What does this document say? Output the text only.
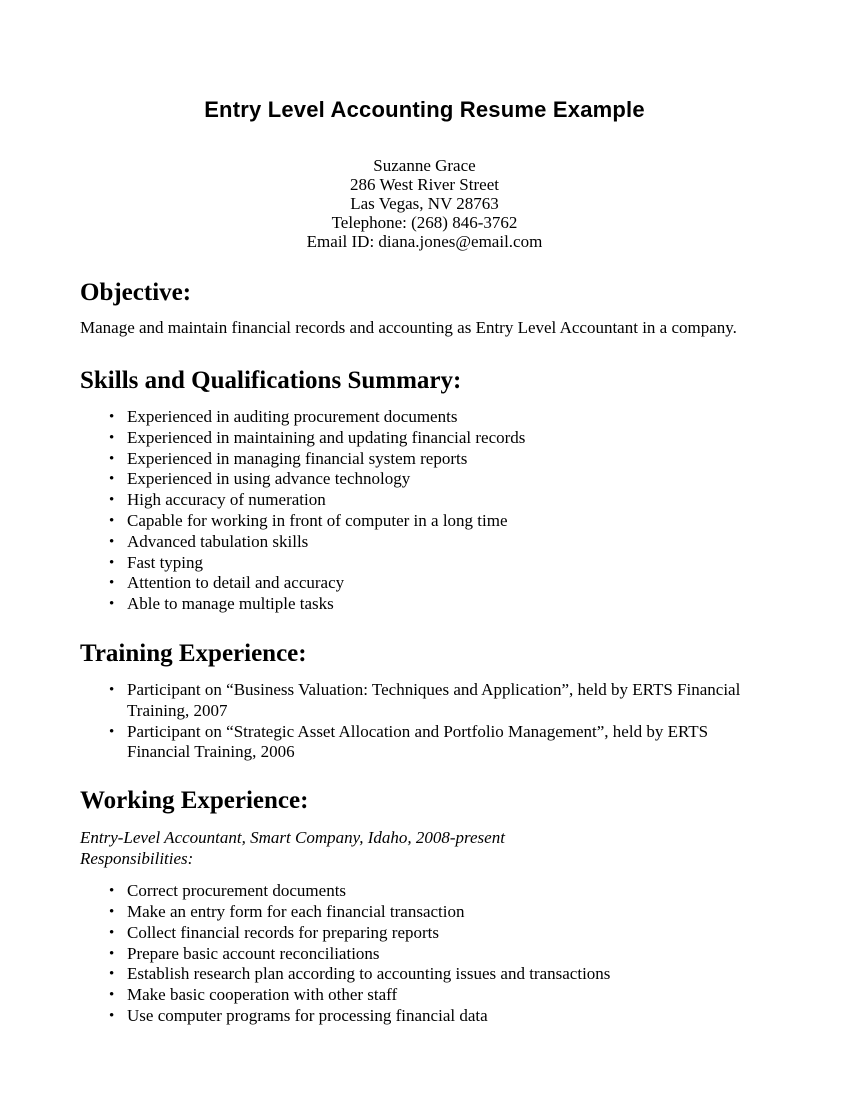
Entry Level Accounting Resume Example
Suzanne Grace
286 West River Street
Las Vegas, NV 28763
Telephone: (268) 846-3762
Email ID: diana.jones@email.com
Objective:

Manage and maintain financial records and accounting as Entry Level Accountant in a company.

Skills and Qualifications Summary:
• Experienced in auditing procurement documents
• Experienced in maintaining and updating financial records
• Experienced in managing financial system reports
• Experienced in using advance technology
• High accuracy of numeration
• Capable for working in front of computer in a long time
• Advanced tabulation skills
• Fast typing
• Attention to detail and accuracy
• Able to manage multiple tasks
Training Experience:
• Participant on “Business Valuation: Techniques and Application”, held by ERTS Financial Training, 2007
• Participant on “Strategic Asset Allocation and Portfolio Management”, held by ERTS Financial Training, 2006
Working Experience:

Entry-Level Accountant, Smart Company, Idaho, 2008-present

Responsibilities:

• Correct procurement documents
• Make an entry form for each financial transaction
• Collect financial records for preparing reports
• Prepare basic account reconciliations
• Establish research plan according to accounting issues and transactions
• Make basic cooperation with other staff
• Use computer programs for processing financial data
